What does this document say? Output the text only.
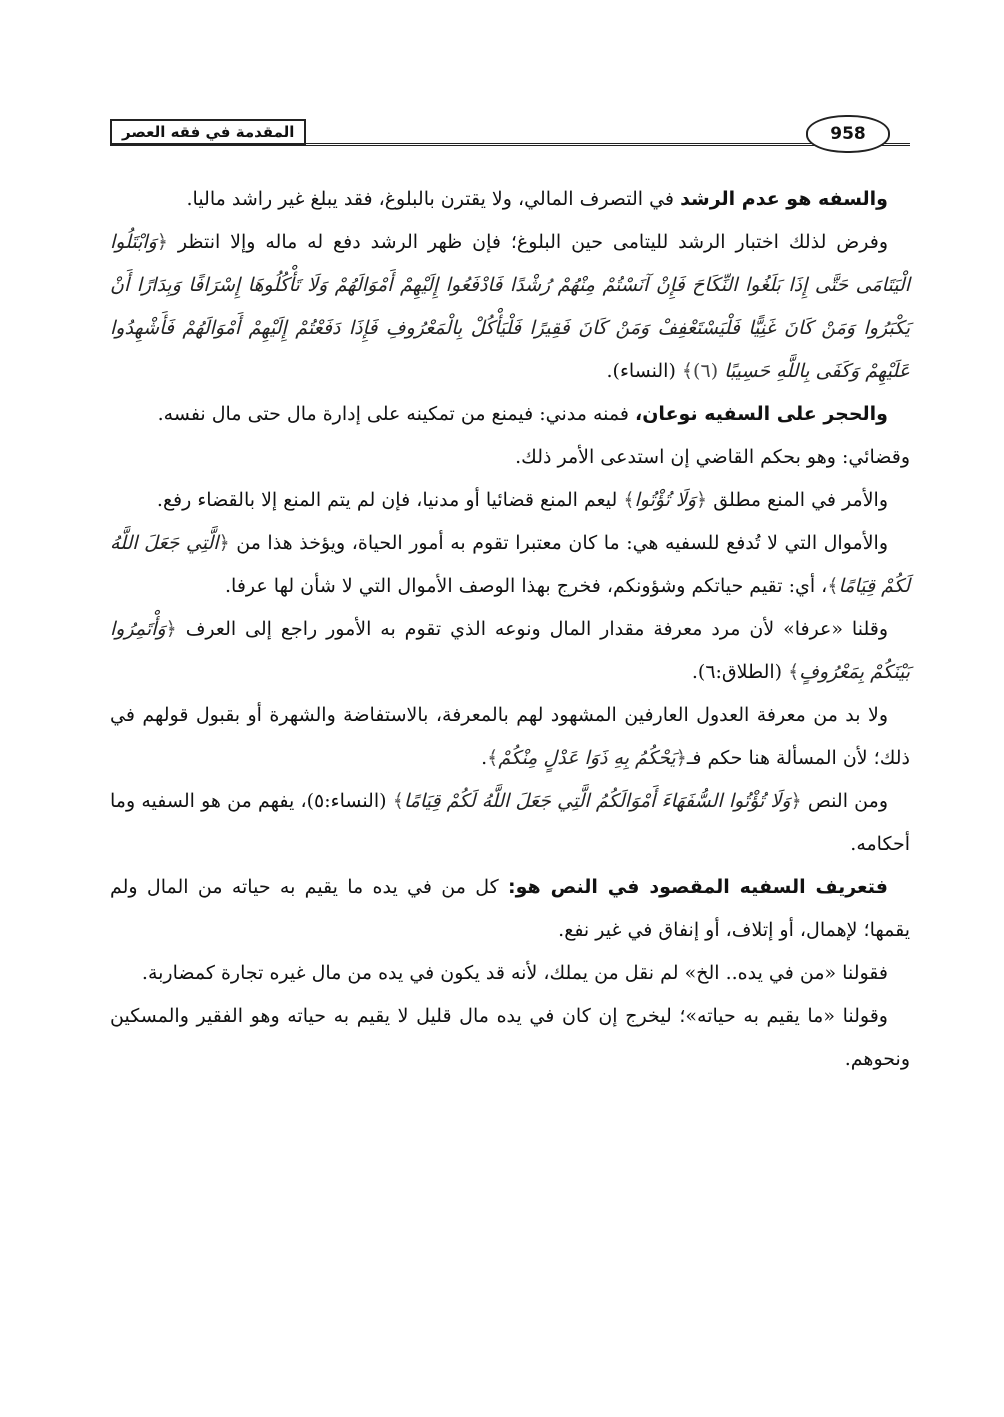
المقدمة في فقه العصر	958

والسفه هو عدم الرشد في التصرف المالي، ولا يقترن بالبلوغ، فقد يبلغ غير راشد ماليا.

وفرض لذلك اختبار الرشد لليتامى حين البلوغ؛ فإن ظهر الرشد دفع له ماله وإلا انتظر ﴿وَابْتَلُوا الْيَتَامَى حَتَّى إِذَا بَلَغُوا النِّكَاحَ فَإِنْ آنَسْتُمْ مِنْهُمْ رُشْدًا فَادْفَعُوا إِلَيْهِمْ أَمْوَالَهُمْ وَلَا تَأْكُلُوهَا إِسْرَافًا وَبِدَارًا أَنْ يَكْبَرُوا وَمَنْ كَانَ غَنِيًّا فَلْيَسْتَعْفِفْ وَمَنْ كَانَ فَقِيرًا فَلْيَأْكُلْ بِالْمَعْرُوفِ فَإِذَا دَفَعْتُمْ إِلَيْهِمْ أَمْوَالَهُمْ فَأَشْهِدُوا عَلَيْهِمْ وَكَفَى بِاللَّهِ حَسِيبًا (٦)﴾ (النساء).

والحجر على السفيه نوعان، فمنه مدني: فيمنع من تمكينه على إدارة مال حتى مال نفسه.

وقضائي: وهو بحكم القاضي إن استدعى الأمر ذلك.

والأمر في المنع مطلق ﴿وَلَا تُؤْتُوا﴾ ليعم المنع قضائيا أو مدنيا، فإن لم يتم المنع إلا بالقضاء رفع.

والأموال التي لا تُدفع للسفيه هي: ما كان معتبرا تقوم به أمور الحياة، ويؤخذ هذا من ﴿الَّتِي جَعَلَ اللَّهُ لَكُمْ قِيَامًا﴾، أي: تقيم حياتكم وشؤونكم، فخرج بهذا الوصف الأموال التي لا شأن لها عرفا.

وقلنا «عرفا» لأن مرد معرفة مقدار المال ونوعه الذي تقوم به الأمور راجع إلى العرف ﴿وَأْتَمِرُوا بَيْنَكُمْ بِمَعْرُوفٍ﴾ (الطلاق:٦).

ولا بد من معرفة العدول العارفين المشهود لهم بالمعرفة، بالاستفاضة والشهرة أو بقبول قولهم في ذلك؛ لأن المسألة هنا حكم فـ﴿يَحْكُمُ بِهِ ذَوَا عَدْلٍ مِنْكُمْ﴾.

ومن النص ﴿وَلَا تُؤْتُوا السُّفَهَاءَ أَمْوَالَكُمُ الَّتِي جَعَلَ اللَّهُ لَكُمْ قِيَامًا﴾ (النساء:٥)، يفهم من هو السفيه وما أحكامه.

فتعريف السفيه المقصود في النص هو: كل من في يده ما يقيم به حياته من المال ولم يقمها؛ لإهمال، أو إتلاف، أو إنفاق في غير نفع.

فقولنا «من في يده.. الخ» لم نقل من يملك، لأنه قد يكون في يده من مال غيره تجارة كمضاربة.

وقولنا «ما يقيم به حياته»؛ ليخرج إن كان في يده مال قليل لا يقيم به حياته وهو الفقير والمسكين ونحوهم.
